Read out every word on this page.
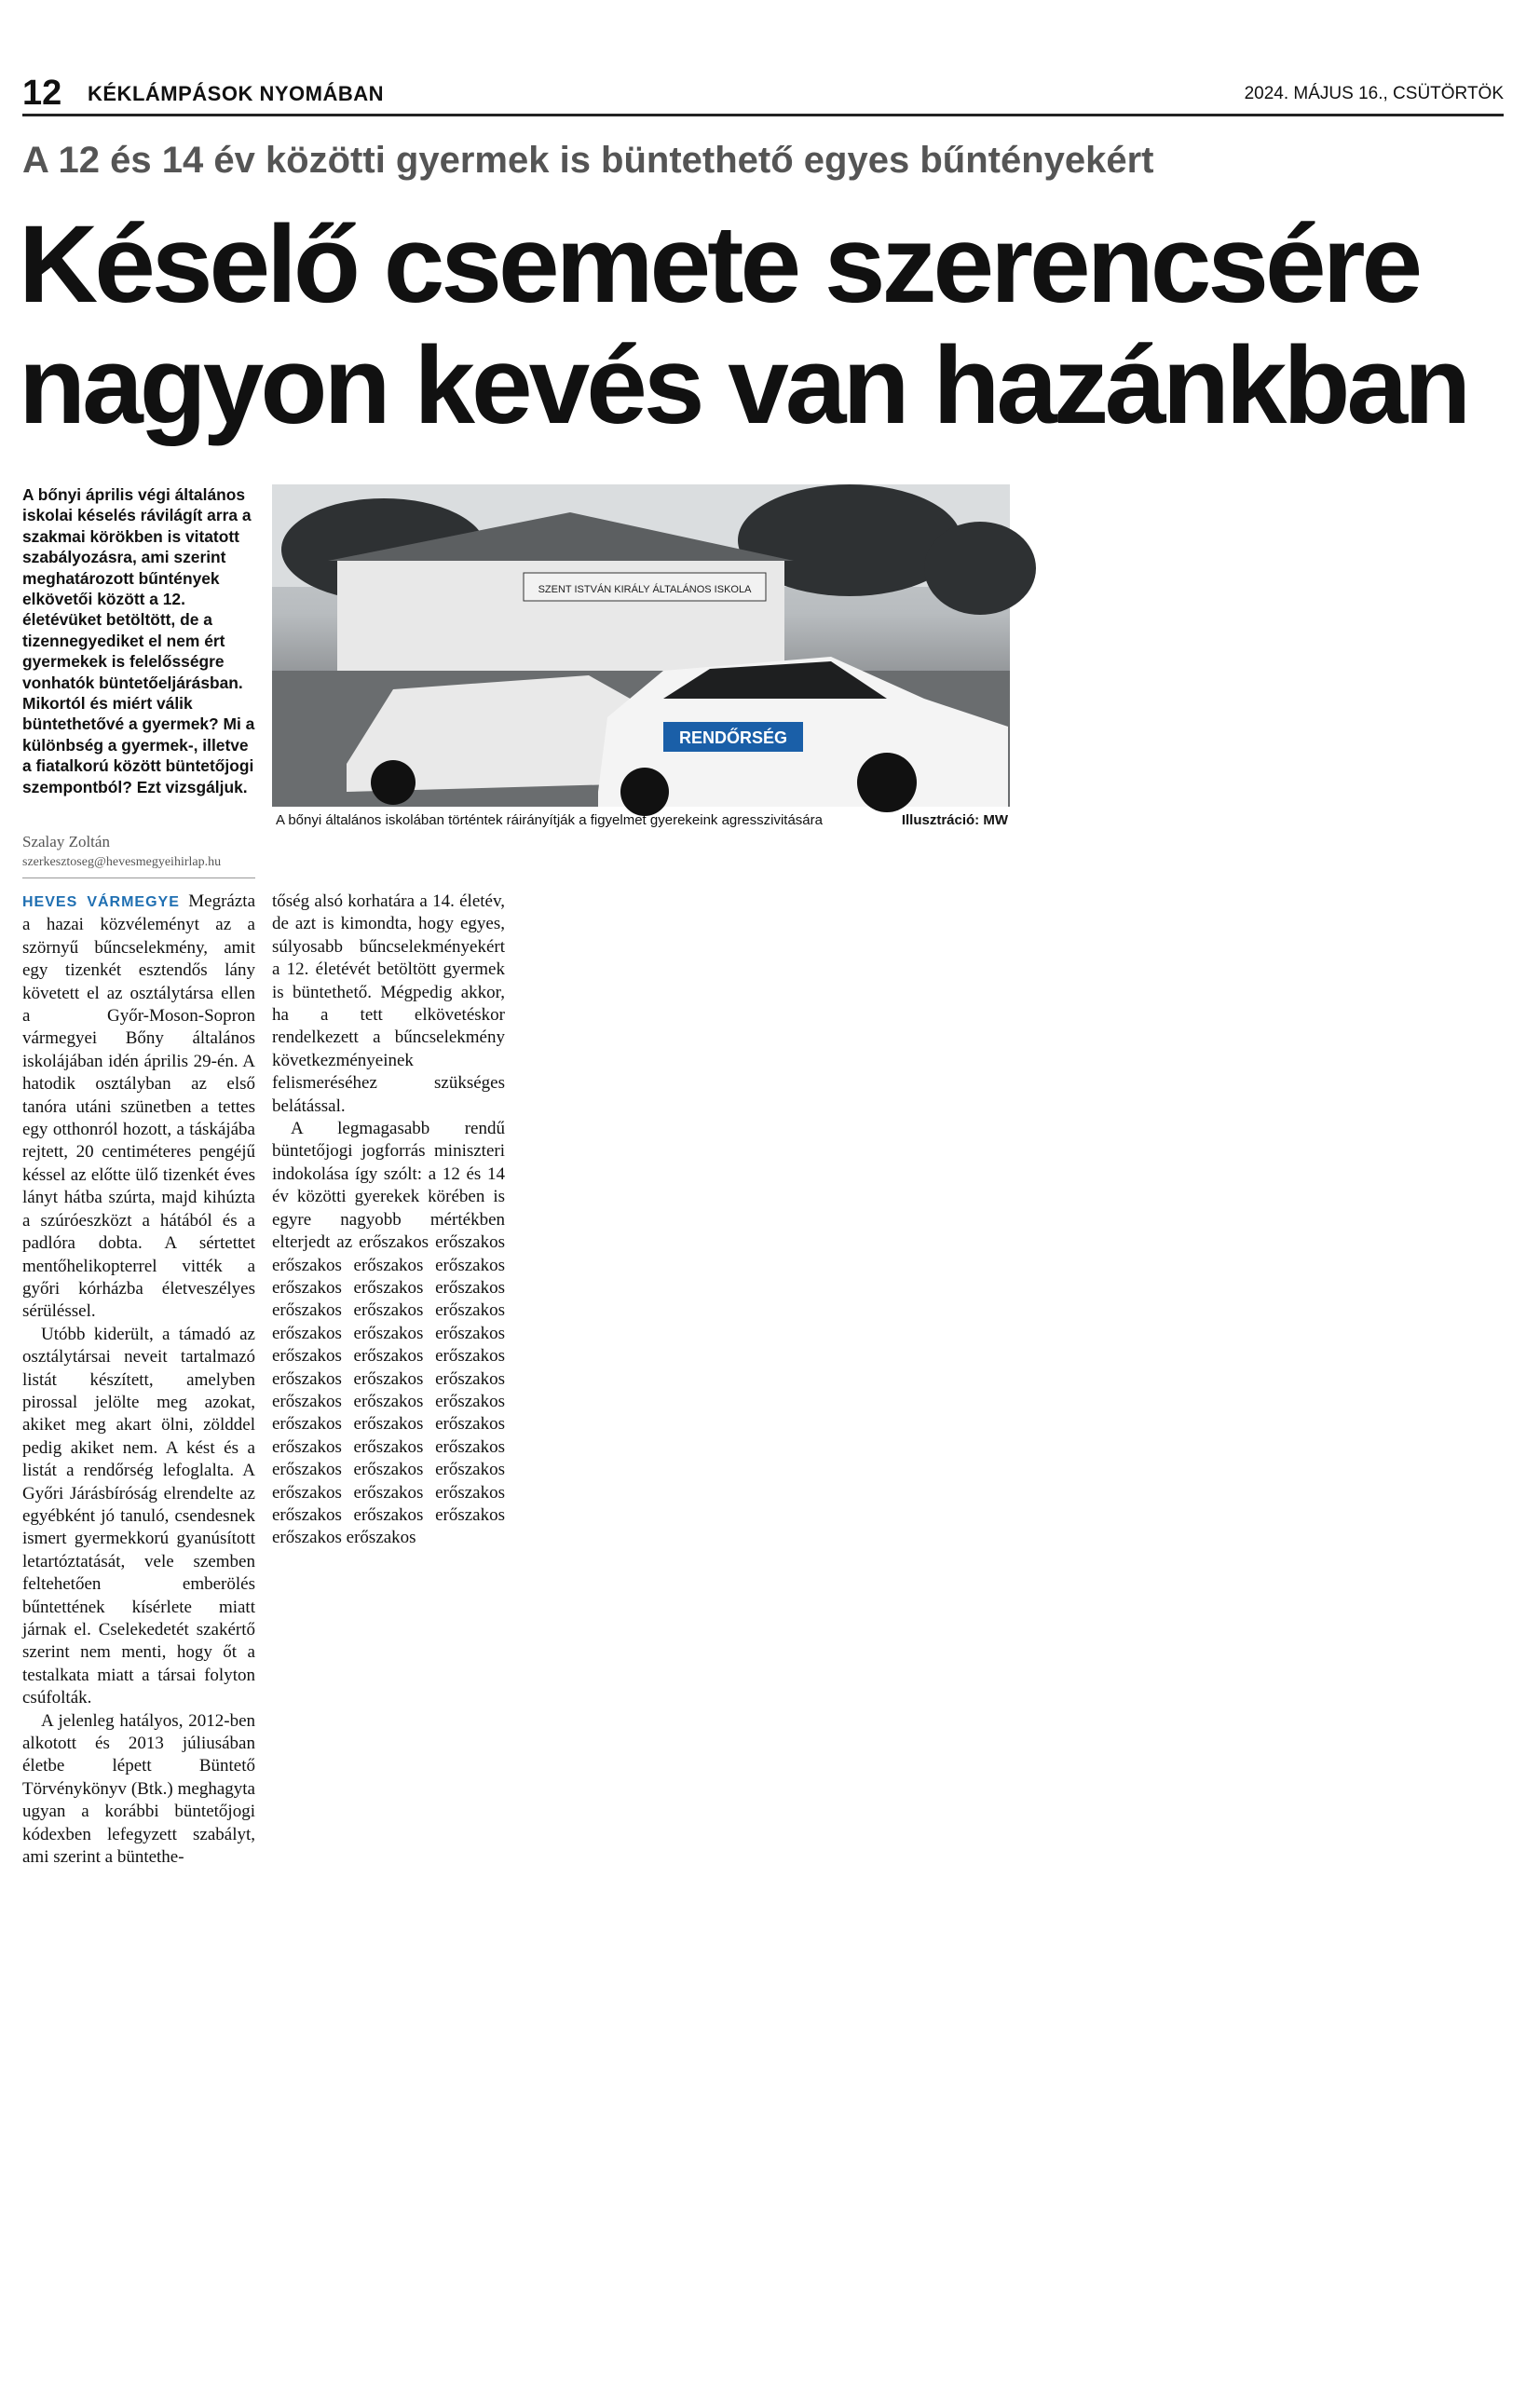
12 KÉKLÁMPÁSOK NYOMÁBAN	2024. MÁJUS 16., CSÜTÖRTÖK
A 12 és 14 év közötti gyermek is büntethető egyes bűntényekért
Késelő csemete szerencsére
nagyon kevés van hazánkban
A bőnyi április végi általános iskolai késelés rávilágít arra a szakmai körökben is vitatott szabályozásra, ami szerint meghatározott bűntények elkövetői között a 12. életévüket betöltött, de a tizennegyediket el nem ért gyermekek is felelősségre vonhatók büntetőeljárásban. Mikortól és miért válik büntethetővé a gyermek? Mi a különbség a gyermek-, illetve a fiatalkorú között büntetőjogi szempontból? Ezt vizsgáljuk.
Szalay Zoltán
szerkesztoseg@hevesmegyeihirlap.hu
SZENT ISTVÁN KIRÁLY ÁLTALÁNOS ISKOLA
RENDŐRSÉG
A bőnyi általános iskolában történtek ráirányítják a figyelmet gyerekeink agresszivitására	Illusztráció: MW

HEVES VÁRMEGYE Megrázta a hazai közvéleményt az a szörnyű bűncselekmény, amit egy tizenkét esztendős lány követett el az osztálytársa ellen a Győr-Moson-Sopron vármegyei Bőny általános iskolájában idén április 29-én. A hatodik osztályban az első tanóra utáni szünetben a tettes egy otthonról hozott, a táskájába rejtett, 20 centiméteres pengéjű késsel az előtte ülő tizenkét éves lányt hátba szúrta, majd kihúzta a szúróeszközt a hátából és a padlóra dobta. A sértettet mentőhelikopterrel vitték a győri kórházba életveszélyes sérüléssel.

Utóbb kiderült, a támadó az osztálytársai neveit tartalmazó listát készített, amelyben pirossal jelölte meg azokat, akiket meg akart ölni, zölddel pedig akiket nem. A kést és a listát a rendőrség lefoglalta. A Győri Járásbíróság elrendelte az egyébként jó tanuló, csendesnek ismert gyermekkorú gyanúsított letartóztatását, vele szemben feltehetően emberölés bűntettének kísérlete miatt járnak el. Cselekedetét szakértő szerint nem menti, hogy őt a testalkata miatt a társai folyton csúfolták.

A jelenleg hatályos, 2012-ben alkotott és 2013 júliusában életbe lépett Büntető Törvénykönyv (Btk.) meghagyta ugyan a korábbi büntetőjogi kódexben lefegyzett szabályt, ami szerint a büntethe-

tőség alsó korhatára a 14. életév, de azt is kimondta, hogy egyes, súlyosabb bűncselekményekért a 12. életévét betöltött gyermek is büntethető. Mégpedig akkor, ha a tett elkövetéskor rendelkezett a bűncselekmény következményeinek felismeréséhez szükséges belátással.

A legmagasabb rendű büntetőjogi jogforrás miniszteri indokolása így szólt: a 12 és 14 év közötti gyerekek körében is egyre nagyobb mértékben elterjedt az erőszakos erőszakos erőszakos erőszakos erőszakos erőszakos erőszakos erőszakos erőszakos erőszakos erőszakos erőszakos erőszakos erőszakos erőszakos erőszakos erőszakos erőszakos erőszakos erőszakos erőszakos erőszakos erőszakos erőszakos erőszakos erőszakos erőszakos erőszakos erőszakos erőszakos erőszakos erőszakos erőszakos erőszakos erőszakos erőszakos erőszakos erőszakos erőszakos erőszakos
